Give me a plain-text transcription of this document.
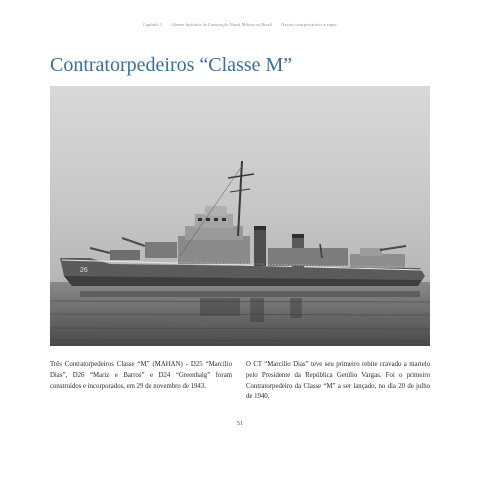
Capítulo 1 Gênese histórica da Construção Naval Militar no Brasil Navios com privativos a vapor
Contratorpedeiros “Classe M”
26

Três Contratorpedeiros Classe “M” (MAHAN) - D25 “Marcílio Dias”, D26 “Mariz e Barros” e D24 “Greenhalg” foram construídos e incorporados, em 29 de novembro de 1943.

O CT “Marcílio Dias” teve seu primeiro rebite cravado a martelo pelo Presidente da República Getúlio Vargas. Foi o primeiro Contratorpedeiro da Classe “M” a ser lançado, no dia 20 de julho de 1940.

51
